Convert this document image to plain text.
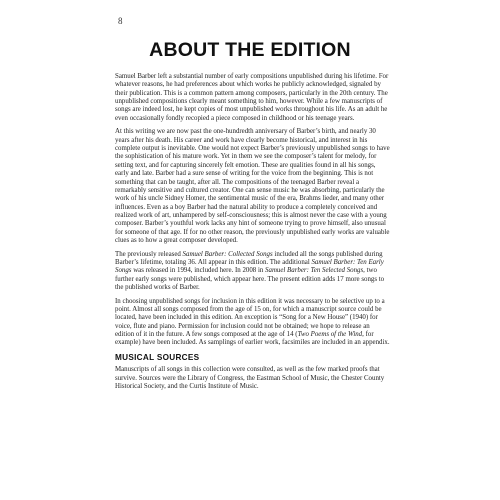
8
ABOUT THE EDITION

Samuel Barber left a substantial number of early compositions unpublished during his lifetime. For whatever reasons, he had preferences about which works he publicly acknowledged, signaled by their publication. This is a common pattern among composers, particularly in the 20th century. The unpublished compositions clearly meant something to him, however. While a few manuscripts of songs are indeed lost, he kept copies of most unpublished works throughout his life. As an adult he even occasionally fondly recopied a piece composed in childhood or his teenage years.

At this writing we are now past the one-hundredth anniversary of Barber’s birth, and nearly 30 years after his death. His career and work have clearly become historical, and interest in his complete output is inevitable. One would not expect Barber’s previously unpublished songs to have the sophistication of his mature work. Yet in them we see the composer’s talent for melody, for setting text, and for capturing sincerely felt emotion. These are qualities found in all his songs, early and late. Barber had a sure sense of writing for the voice from the beginning. This is not something that can be taught, after all. The compositions of the teenaged Barber reveal a remarkably sensitive and cultured creator. One can sense music he was absorbing, particularly the work of his uncle Sidney Homer, the sentimental music of the era, Brahms lieder, and many other influences. Even as a boy Barber had the natural ability to produce a completely conceived and realized work of art, unhampered by self-consciousness; this is almost never the case with a young composer. Barber’s youthful work lacks any hint of someone trying to prove himself, also unusual for someone of that age. If for no other reason, the previously unpublished early works are valuable clues as to how a great composer developed.

The previously released Samuel Barber: Collected Songs included all the songs published during Barber’s lifetime, totaling 36. All appear in this edition. The additional Samuel Barber: Ten Early Songs was released in 1994, included here. In 2008 in Samuel Barber: Ten Selected Songs, two further early songs were published, which appear here. The present edition adds 17 more songs to the published works of Barber.

In choosing unpublished songs for inclusion in this edition it was necessary to be selective up to a point. Almost all songs composed from the age of 15 on, for which a manuscript source could be located, have been included in this edition. An exception is “Song for a New House” (1940) for voice, flute and piano. Permission for inclusion could not be obtained; we hope to release an edition of it in the future. A few songs composed at the age of 14 (Two Poems of the Wind, for example) have been included. As samplings of earlier work, facsimiles are included in an appendix.

MUSICAL SOURCES

Manuscripts of all songs in this collection were consulted, as well as the few marked proofs that survive. Sources were the Library of Congress, the Eastman School of Music, the Chester County Historical Society, and the Curtis Institute of Music.
